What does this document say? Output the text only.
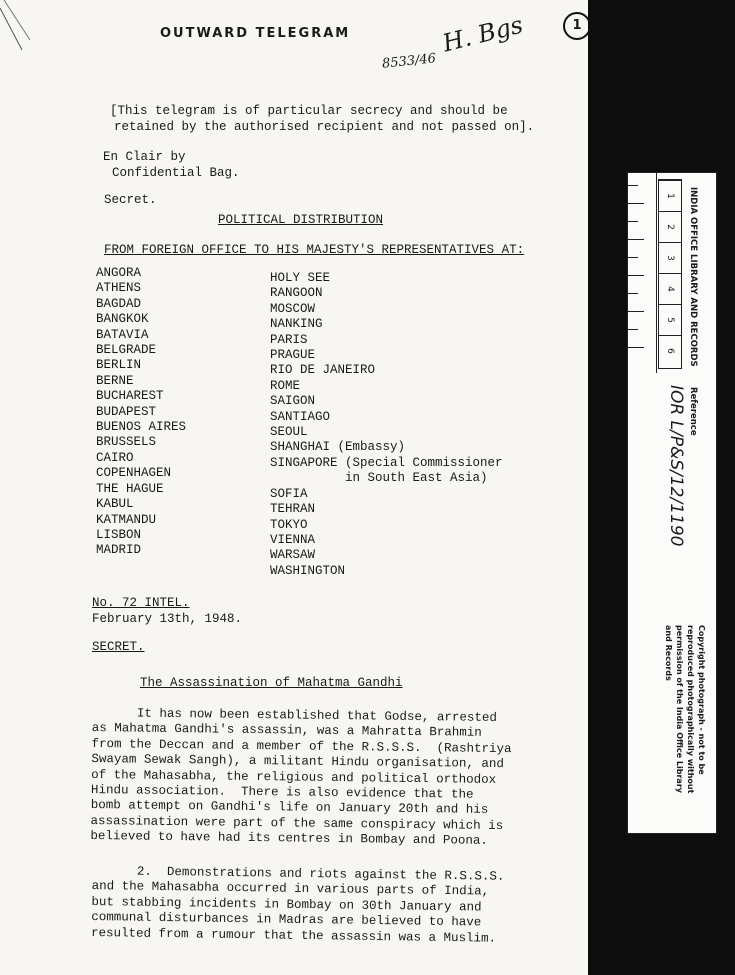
OUTWARD TELEGRAM
8533/46
H. Bgs	1
[This telegram is of particular secrecy and should be
retained by the authorised recipient and not passed on].
En Clair by
Confidential Bag.
Secret.
POLITICAL DISTRIBUTION
FROM FOREIGN OFFICE TO HIS MAJESTY'S REPRESENTATIVES AT:
ANGORA
ATHENS
BAGDAD
BANGKOK
BATAVIA
BELGRADE
BERLIN
BERNE
BUCHAREST
BUDAPEST
BUENOS AIRES
BRUSSELS
CAIRO
COPENHAGEN
THE HAGUE
KABUL
KATMANDU
LISBON
MADRID
HOLY SEE
RANGOON
MOSCOW
NANKING
PARIS
PRAGUE
RIO DE JANEIRO
ROME
SAIGON
SANTIAGO
SEOUL
SHANGHAI (Embassy)
SINGAPORE (Special Commissioner
in South East Asia)
SOFIA
TEHRAN
TOKYO
VIENNA
WARSAW
WASHINGTON
No. 72 INTEL.
February 13th, 1948.
SECRET.
The Assassination of Mahatma Gandhi
It has now been established that Godse, arrested
as Mahatma Gandhi's assassin, was a Mahratta Brahmin
from the Deccan and a member of the R.S.S.S.  (Rashtriya
Swayam Sewak Sangh), a militant Hindu organisation, and
of the Mahasabha, the religious and political orthodox
Hindu association.  There is also evidence that the
bomb attempt on Gandhi's life on January 20th and his
assassination were part of the same conspiracy which is
believed to have had its centres in Bombay and Poona.
2.  Demonstrations and riots against the R.S.S.S.
and the Mahasabha occurred in various parts of India,
but stabbing incidents in Bombay on 30th January and
communal disturbances in Madras are believed to have
resulted from a rumour that the assassin was a Muslim.
1
2
3
4
5
6 INDIA OFFICE LIBRARY AND RECORDS
Reference
IOR L/P&S/12/1190
Copyright photograph - not to be
reproduced photographically without
permission of the India Office Library
and Records
